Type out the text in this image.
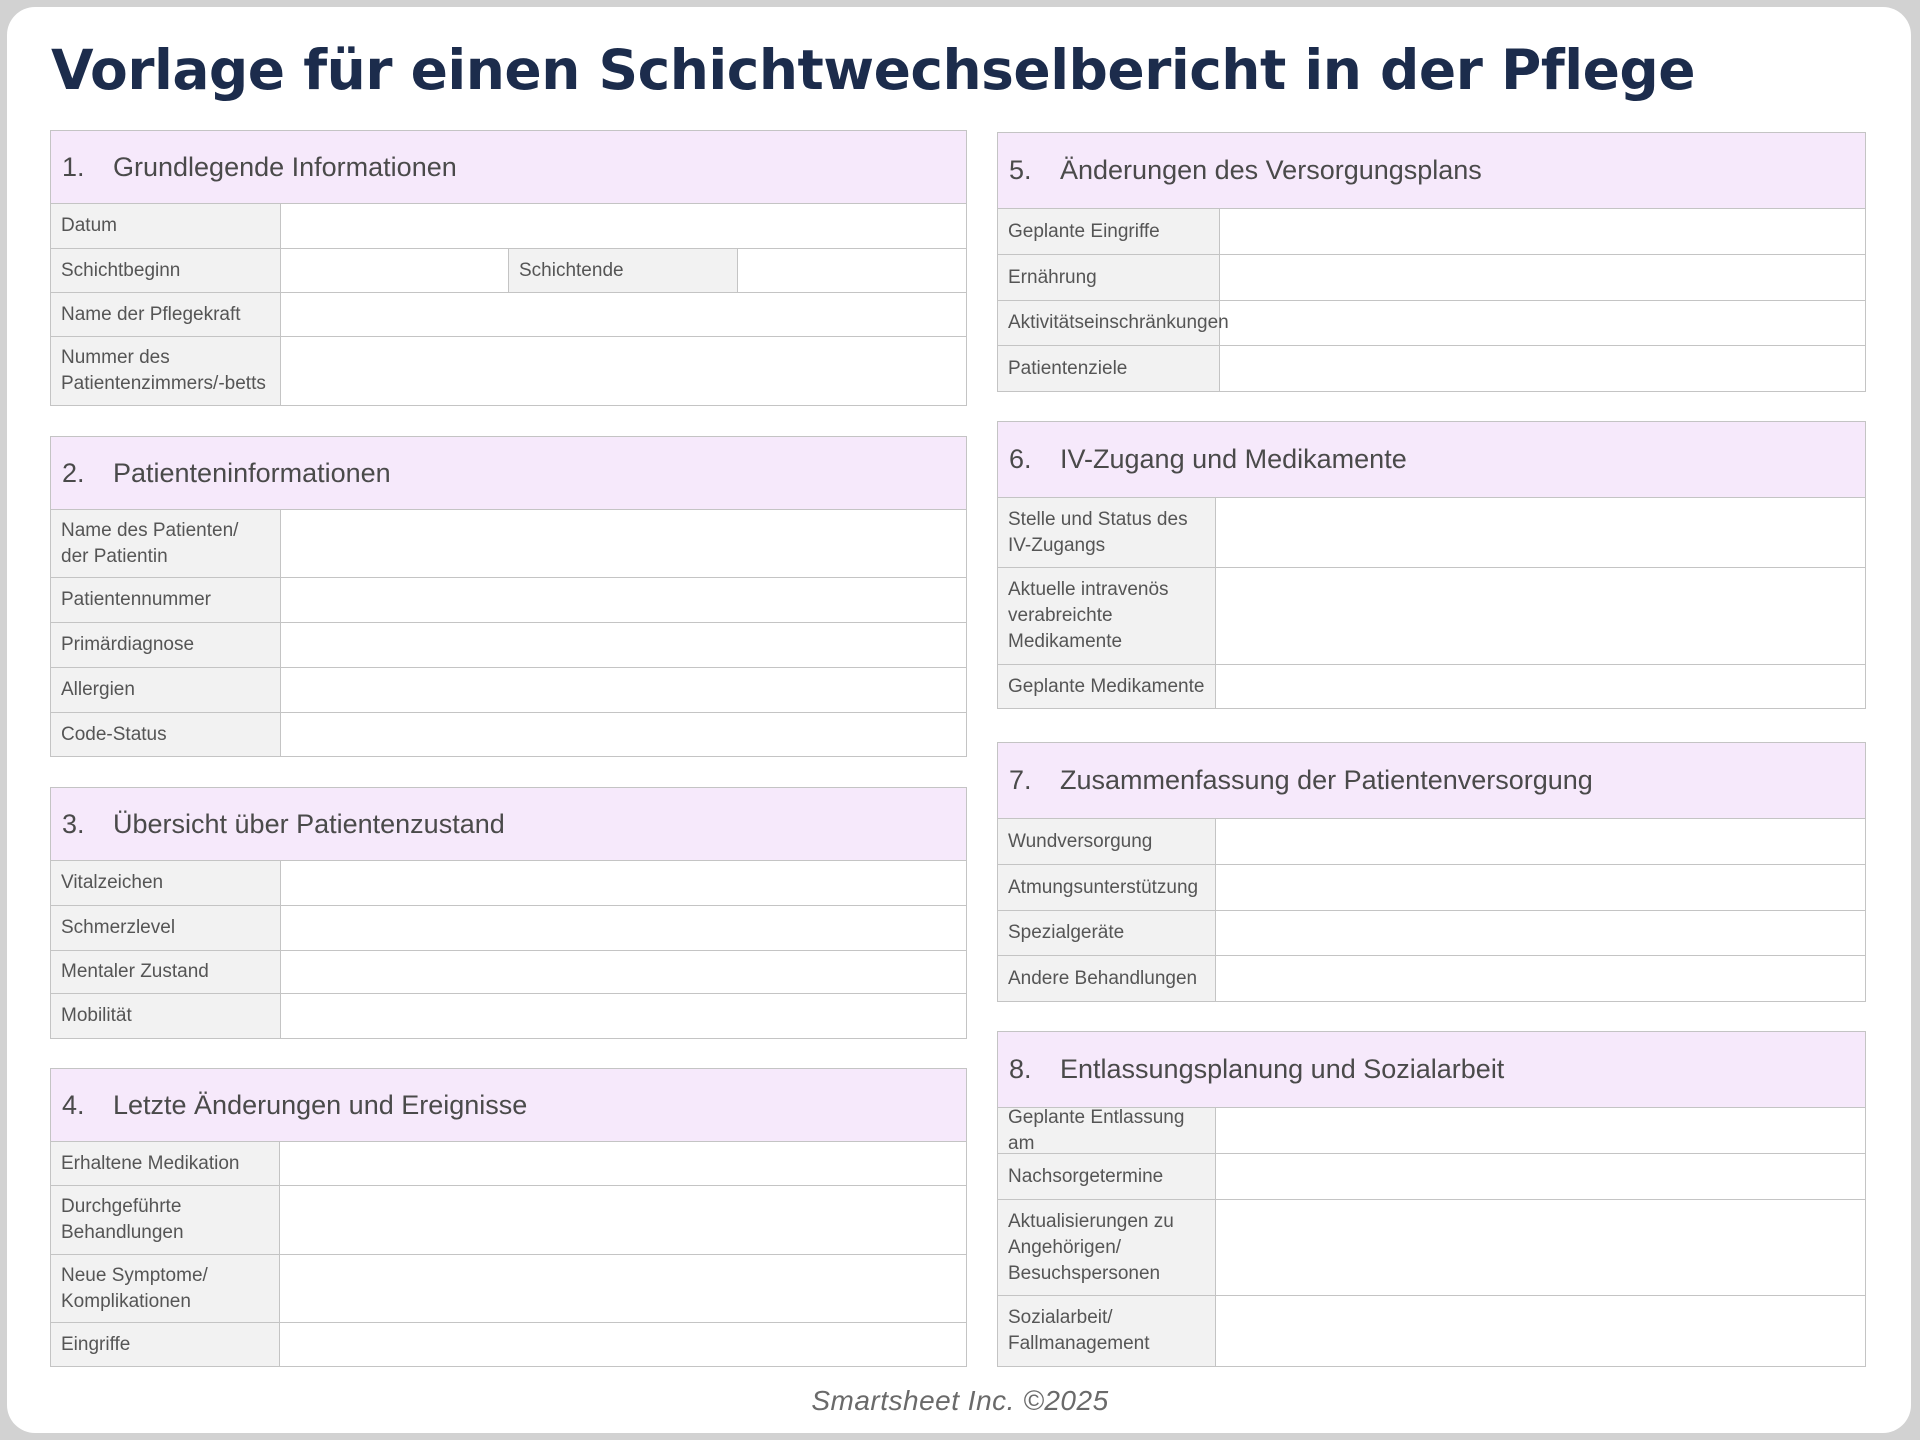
Vorlage für einen Schichtwechselbericht in der Pflege
1.	Grundlegende Informationen
Datum
Schichtbeginn	Schichtende
Name der Pflegekraft
Nummer des Patientenzimmers/-betts
2.	Patienteninformationen
Name des Patienten/ der Patientin
Patientennummer
Primärdiagnose
Allergien
Code-Status
3.	Übersicht über Patientenzustand
Vitalzeichen
Schmerzlevel
Mentaler Zustand
Mobilität
4.	Letzte Änderungen und Ereignisse
Erhaltene Medikation
Durchgeführte Behandlungen
Neue Symptome/ Komplikationen
Eingriffe
5.	Änderungen des Versorgungsplans
Geplante Eingriffe
Ernährung
Aktivitätseinschränkungen
Patientenziele
6.	IV-Zugang und Medikamente
Stelle und Status des IV-Zugangs
Aktuelle intravenös verabreichte Medikamente
Geplante Medikamente
7.	Zusammenfassung der Patientenversorgung
Wundversorgung
Atmungsunterstützung
Spezialgeräte
Andere Behandlungen
8.	Entlassungsplanung und Sozialarbeit
Geplante Entlassung am
Nachsorgetermine
Aktualisierungen zu Angehörigen/ Besuchspersonen
Sozialarbeit/ Fallmanagement
Smartsheet Inc. ©2025
